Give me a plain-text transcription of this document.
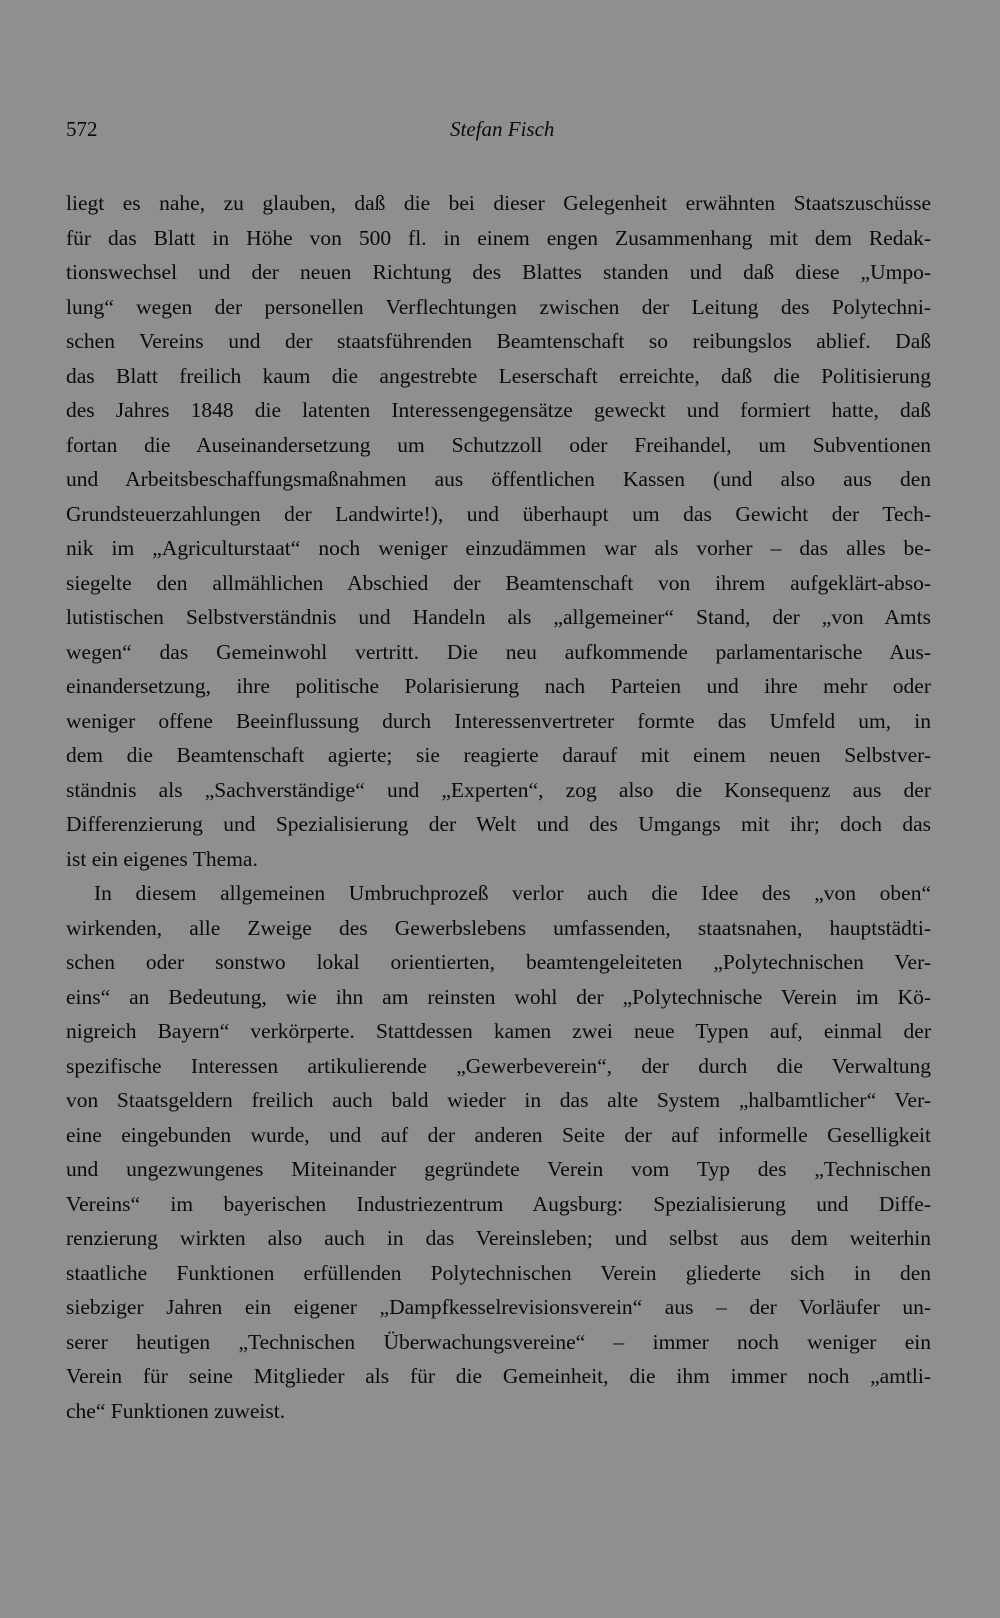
572	Stefan Fisch
liegt es nahe, zu glauben, daß die bei dieser Gelegenheit erwähnten Staatszuschüsse
für das Blatt in Höhe von 500 fl. in einem engen Zusammenhang mit dem Redak-
tionswechsel und der neuen Richtung des Blattes standen und daß diese „Umpo-
lung“ wegen der personellen Verflechtungen zwischen der Leitung des Polytechni-
schen Vereins und der staatsführenden Beamtenschaft so reibungslos ablief. Daß
das Blatt freilich kaum die angestrebte Leserschaft erreichte, daß die Politisierung
des Jahres 1848 die latenten Interessengegensätze geweckt und formiert hatte, daß
fortan die Auseinandersetzung um Schutzzoll oder Freihandel, um Subventionen
und Arbeitsbeschaffungsmaßnahmen aus öffentlichen Kassen (und also aus den
Grundsteuerzahlungen der Landwirte!), und überhaupt um das Gewicht der Tech-
nik im „Agriculturstaat“ noch weniger einzudämmen war als vorher – das alles be-
siegelte den allmählichen Abschied der Beamtenschaft von ihrem aufgeklärt-abso-
lutistischen Selbstverständnis und Handeln als „allgemeiner“ Stand, der „von Amts
wegen“ das Gemeinwohl vertritt. Die neu aufkommende parlamentarische Aus-
einandersetzung, ihre politische Polarisierung nach Parteien und ihre mehr oder
weniger offene Beeinflussung durch Interessenvertreter formte das Umfeld um, in
dem die Beamtenschaft agierte; sie reagierte darauf mit einem neuen Selbstver-
ständnis als „Sachverständige“ und „Experten“, zog also die Konsequenz aus der
Differenzierung und Spezialisierung der Welt und des Umgangs mit ihr; doch das
ist ein eigenes Thema.
In diesem allgemeinen Umbruchprozeß verlor auch die Idee des „von oben“
wirkenden, alle Zweige des Gewerbslebens umfassenden, staatsnahen, hauptstädti-
schen oder sonstwo lokal orientierten, beamtengeleiteten „Polytechnischen Ver-
eins“ an Bedeutung, wie ihn am reinsten wohl der „Polytechnische Verein im Kö-
nigreich Bayern“ verkörperte. Stattdessen kamen zwei neue Typen auf, einmal der
spezifische Interessen artikulierende „Gewerbeverein“, der durch die Verwaltung
von Staatsgeldern freilich auch bald wieder in das alte System „halbamtlicher“ Ver-
eine eingebunden wurde, und auf der anderen Seite der auf informelle Geselligkeit
und ungezwungenes Miteinander gegründete Verein vom Typ des „Technischen
Vereins“ im bayerischen Industriezentrum Augsburg: Spezialisierung und Diffe-
renzierung wirkten also auch in das Vereinsleben; und selbst aus dem weiterhin
staatliche Funktionen erfüllenden Polytechnischen Verein gliederte sich in den
siebziger Jahren ein eigener „Dampfkesselrevisionsverein“ aus – der Vorläufer un-
serer heutigen „Technischen Überwachungsvereine“ – immer noch weniger ein
Verein für seine Mitglieder als für die Gemeinheit, die ihm immer noch „amtli-
che“ Funktionen zuweist.
